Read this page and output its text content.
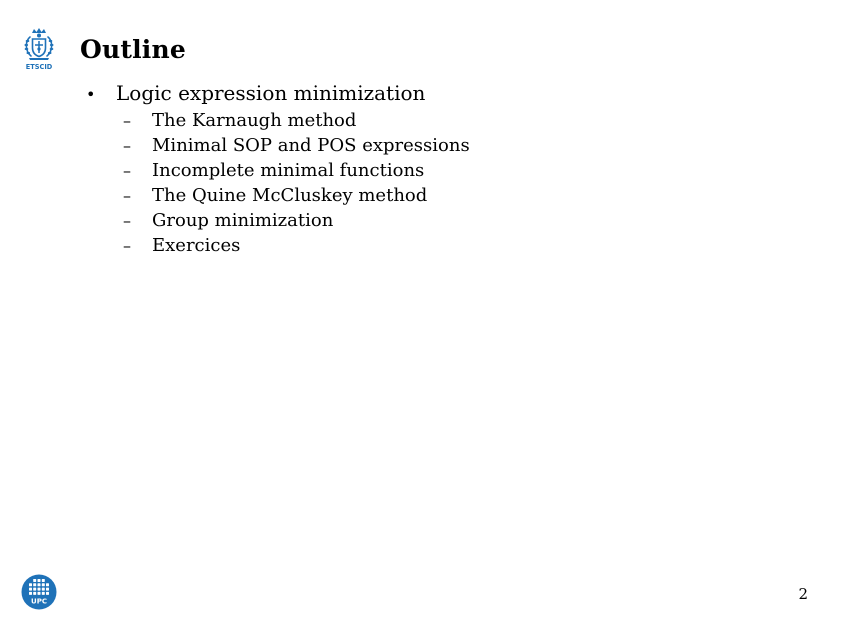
ETSCID
Outline
•	Logic expression minimization
–	The Karnaugh method
–	Minimal SOP and POS expressions
–	Incomplete minimal functions
–	The Quine McCluskey method
–	Group minimization
–	Exercices
UPC	2
